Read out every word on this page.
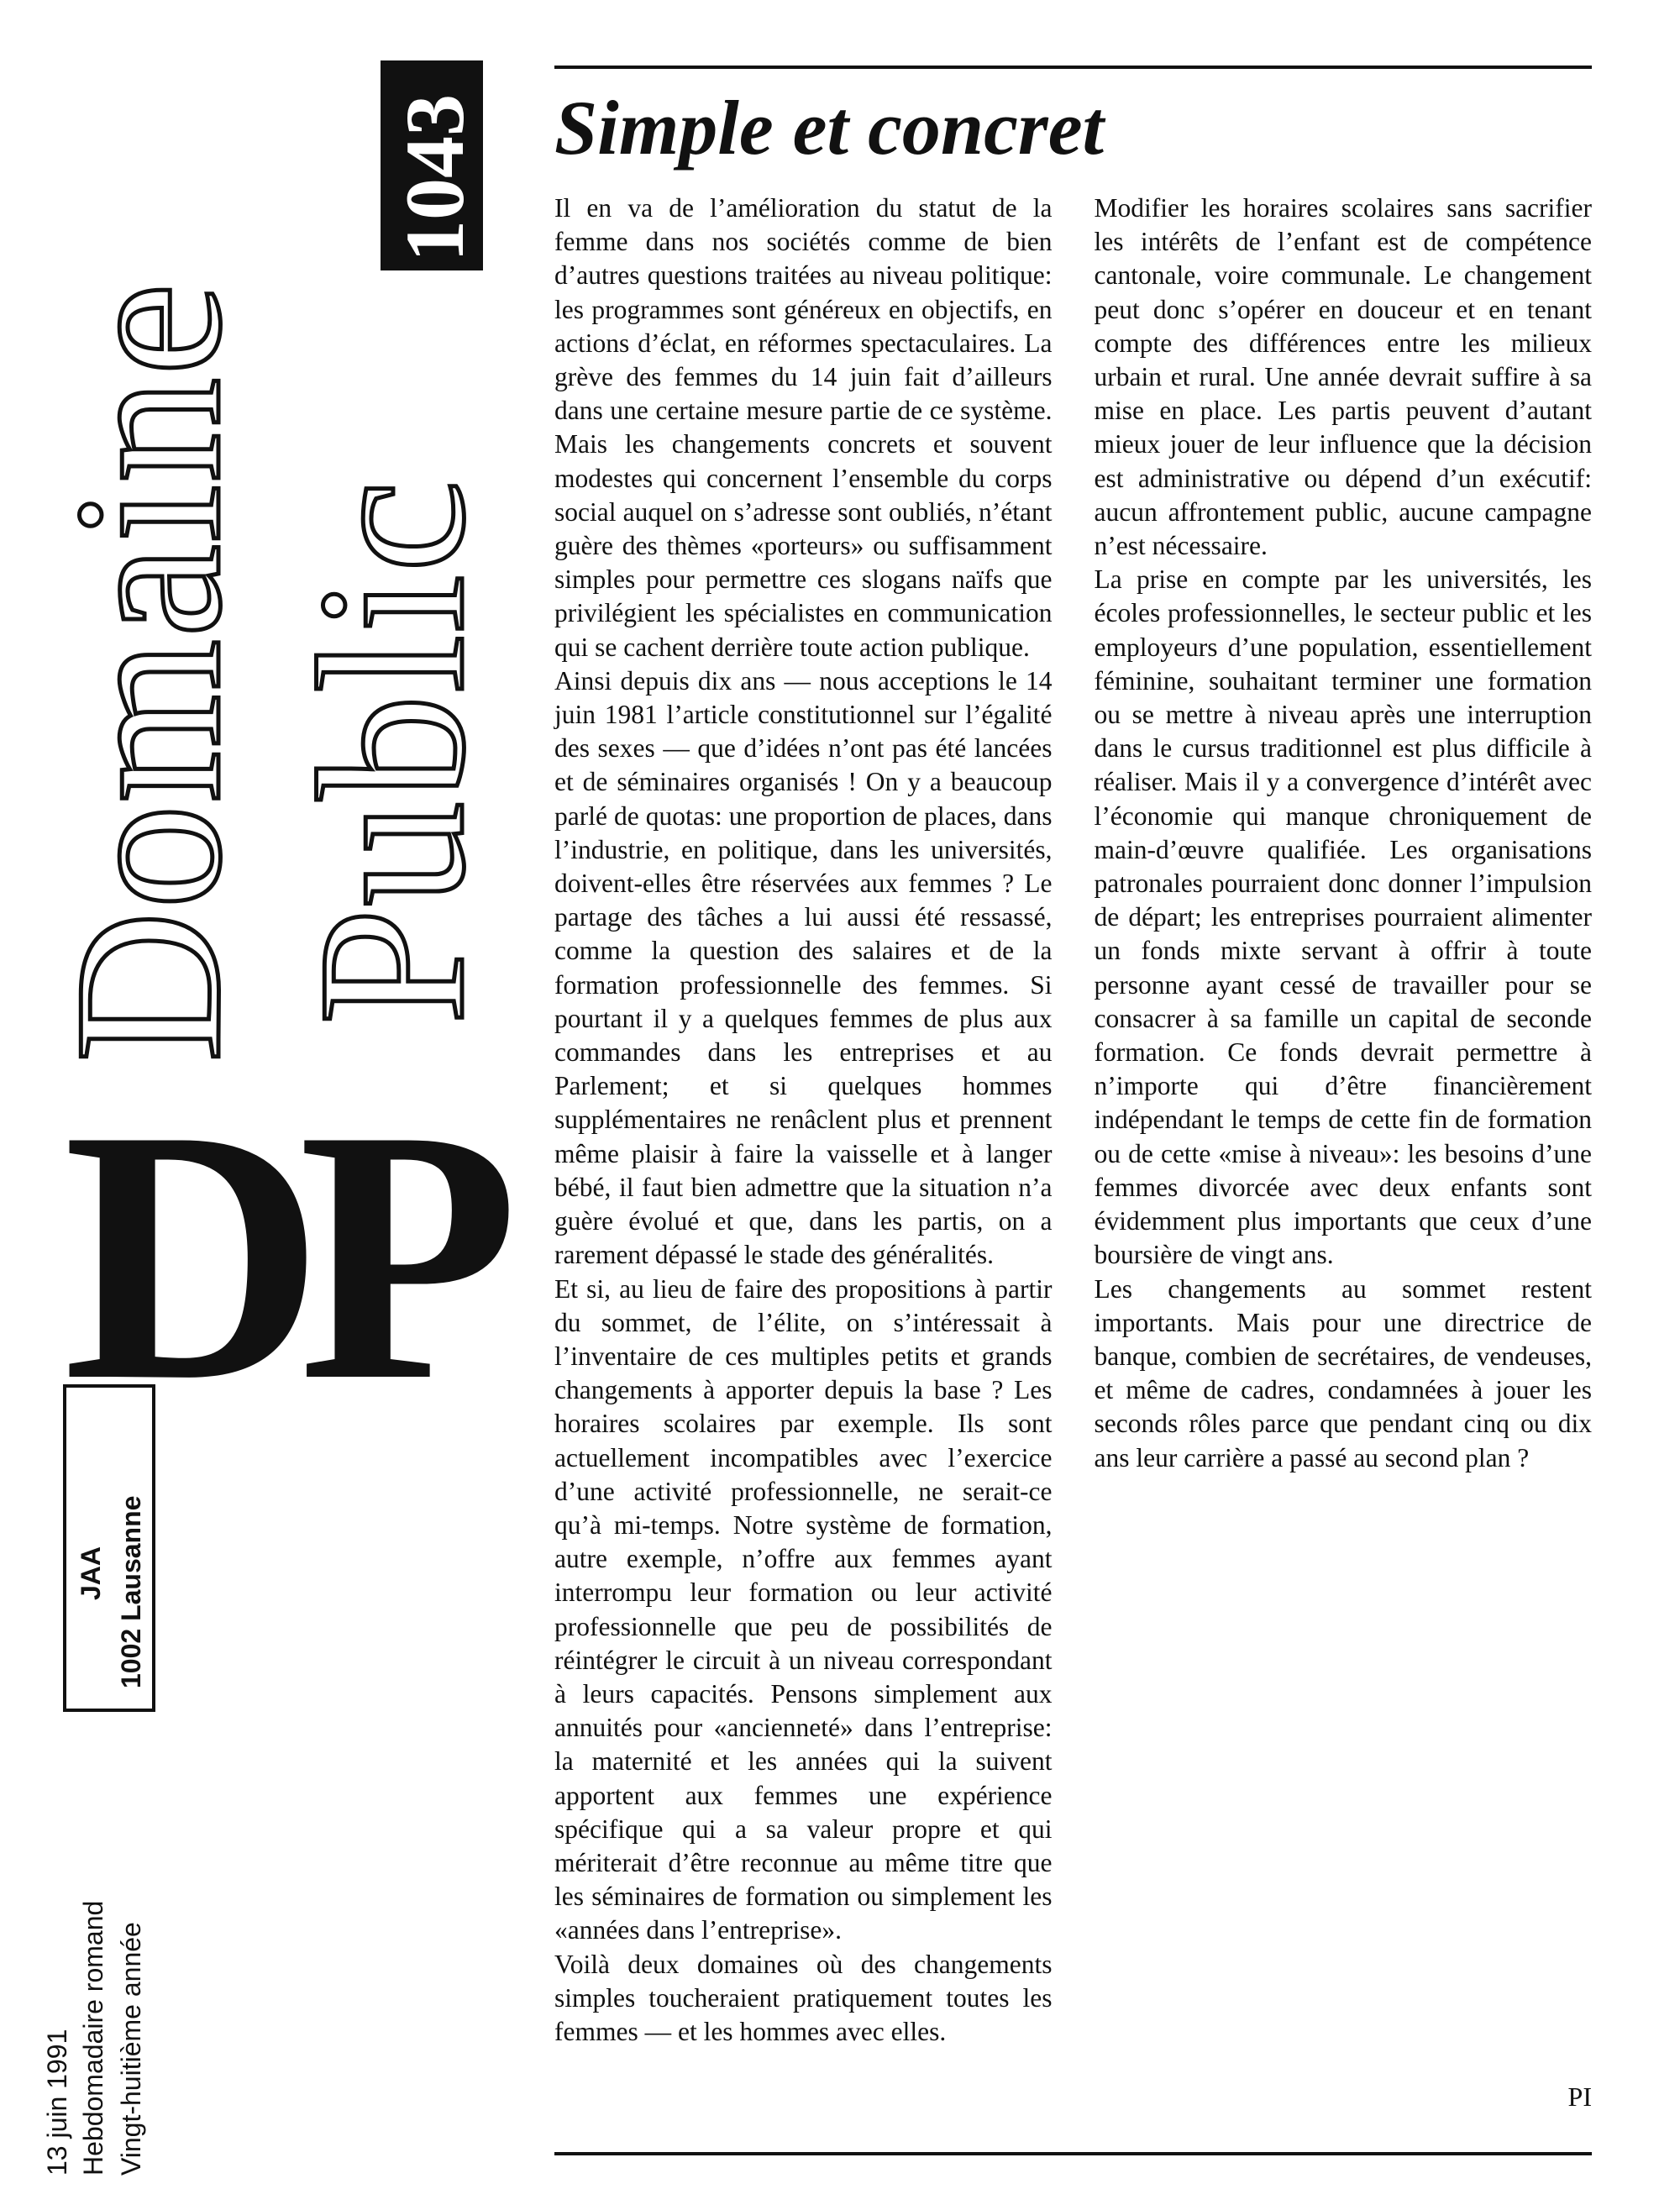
Domaine Public
1043
D
P
JAA 1002 Lausanne
13 juin 1991 Hebdomadaire romand Vingt-huitième année
Simple et concret

Il en va de l’amélioration du statut de la femme dans nos sociétés comme de bien d’autres questions traitées au niveau politique: les programmes sont généreux en objectifs, en actions d’éclat, en réformes spectaculaires. La grève des femmes du 14 juin fait d’ailleurs dans une certaine mesure partie de ce système. Mais les changements concrets et souvent modestes qui concernent l’ensemble du corps social auquel on s’adresse sont oubliés, n’étant guère des thèmes «porteurs» ou suffisamment simples pour permettre ces slogans naïfs que privilégient les spécialistes en communication qui se cachent derrière toute action publique.

Ainsi depuis dix ans — nous acceptions le 14 juin 1981 l’article constitutionnel sur l’égalité des sexes — que d’idées n’ont pas été lancées et de séminaires organisés ! On y a beaucoup parlé de quotas: une proportion de places, dans l’industrie, en politique, dans les universités, doivent-elles être réservées aux femmes ? Le partage des tâches a lui aussi été ressassé, comme la question des salaires et de la formation professionnelle des femmes. Si pourtant il y a quelques femmes de plus aux commandes dans les entreprises et au Parlement; et si quelques hommes supplémentaires ne renâclent plus et prennent même plaisir à faire la vaisselle et à langer bébé, il faut bien admettre que la situation n’a guère évolué et que, dans les partis, on a rarement dépassé le stade des généralités.

Et si, au lieu de faire des propositions à partir du sommet, de l’élite, on s’intéressait à l’inventaire de ces multiples petits et grands changements à apporter depuis la base ? Les horaires scolaires par exemple. Ils sont actuellement incompatibles avec l’exercice d’une activité professionnelle, ne serait-ce qu’à mi-temps. Notre système de formation, autre exemple, n’offre aux femmes ayant interrompu leur formation ou leur activité professionnelle que peu de possibilités de réintégrer le circuit à un niveau correspondant à leurs capacités. Pensons simplement aux annuités pour «ancienneté» dans l’entreprise: la maternité et les années qui la suivent apportent aux femmes une expérience spécifique qui a sa valeur propre et qui mériterait d’être reconnue au même titre que les séminaires de formation ou simplement les «années dans l’entreprise».

Voilà deux domaines où des changements simples toucheraient pratiquement toutes les femmes — et les hommes avec elles.

Modifier les horaires scolaires sans sacrifier les intérêts de l’enfant est de compétence cantonale, voire communale. Le changement peut donc s’opérer en douceur et en tenant compte des différences entre les milieux urbain et rural. Une année devrait suffire à sa mise en place. Les partis peuvent d’autant mieux jouer de leur influence que la décision est administrative ou dépend d’un exécutif: aucun affrontement public, aucune campagne n’est nécessaire.

La prise en compte par les universités, les écoles professionnelles, le secteur public et les employeurs d’une population, essentiellement féminine, souhaitant terminer une formation ou se mettre à niveau après une interruption dans le cursus traditionnel est plus difficile à réaliser. Mais il y a convergence d’intérêt avec l’économie qui manque chroniquement de main-d’œuvre qualifiée. Les organisations patronales pourraient donc donner l’impulsion de départ; les entreprises pourraient alimenter un fonds mixte servant à offrir à toute personne ayant cessé de travailler pour se consacrer à sa famille un capital de seconde formation. Ce fonds devrait permettre à n’importe qui d’être financièrement indépendant le temps de cette fin de formation ou de cette «mise à niveau»: les besoins d’une femmes divorcée avec deux enfants sont évidemment plus importants que ceux d’une boursière de vingt ans.

Les changements au sommet restent importants. Mais pour une directrice de banque, combien de secrétaires, de vendeuses, et même de cadres, condamnées à jouer les seconds rôles parce que pendant cinq ou dix ans leur carrière a passé au second plan ?

PI
